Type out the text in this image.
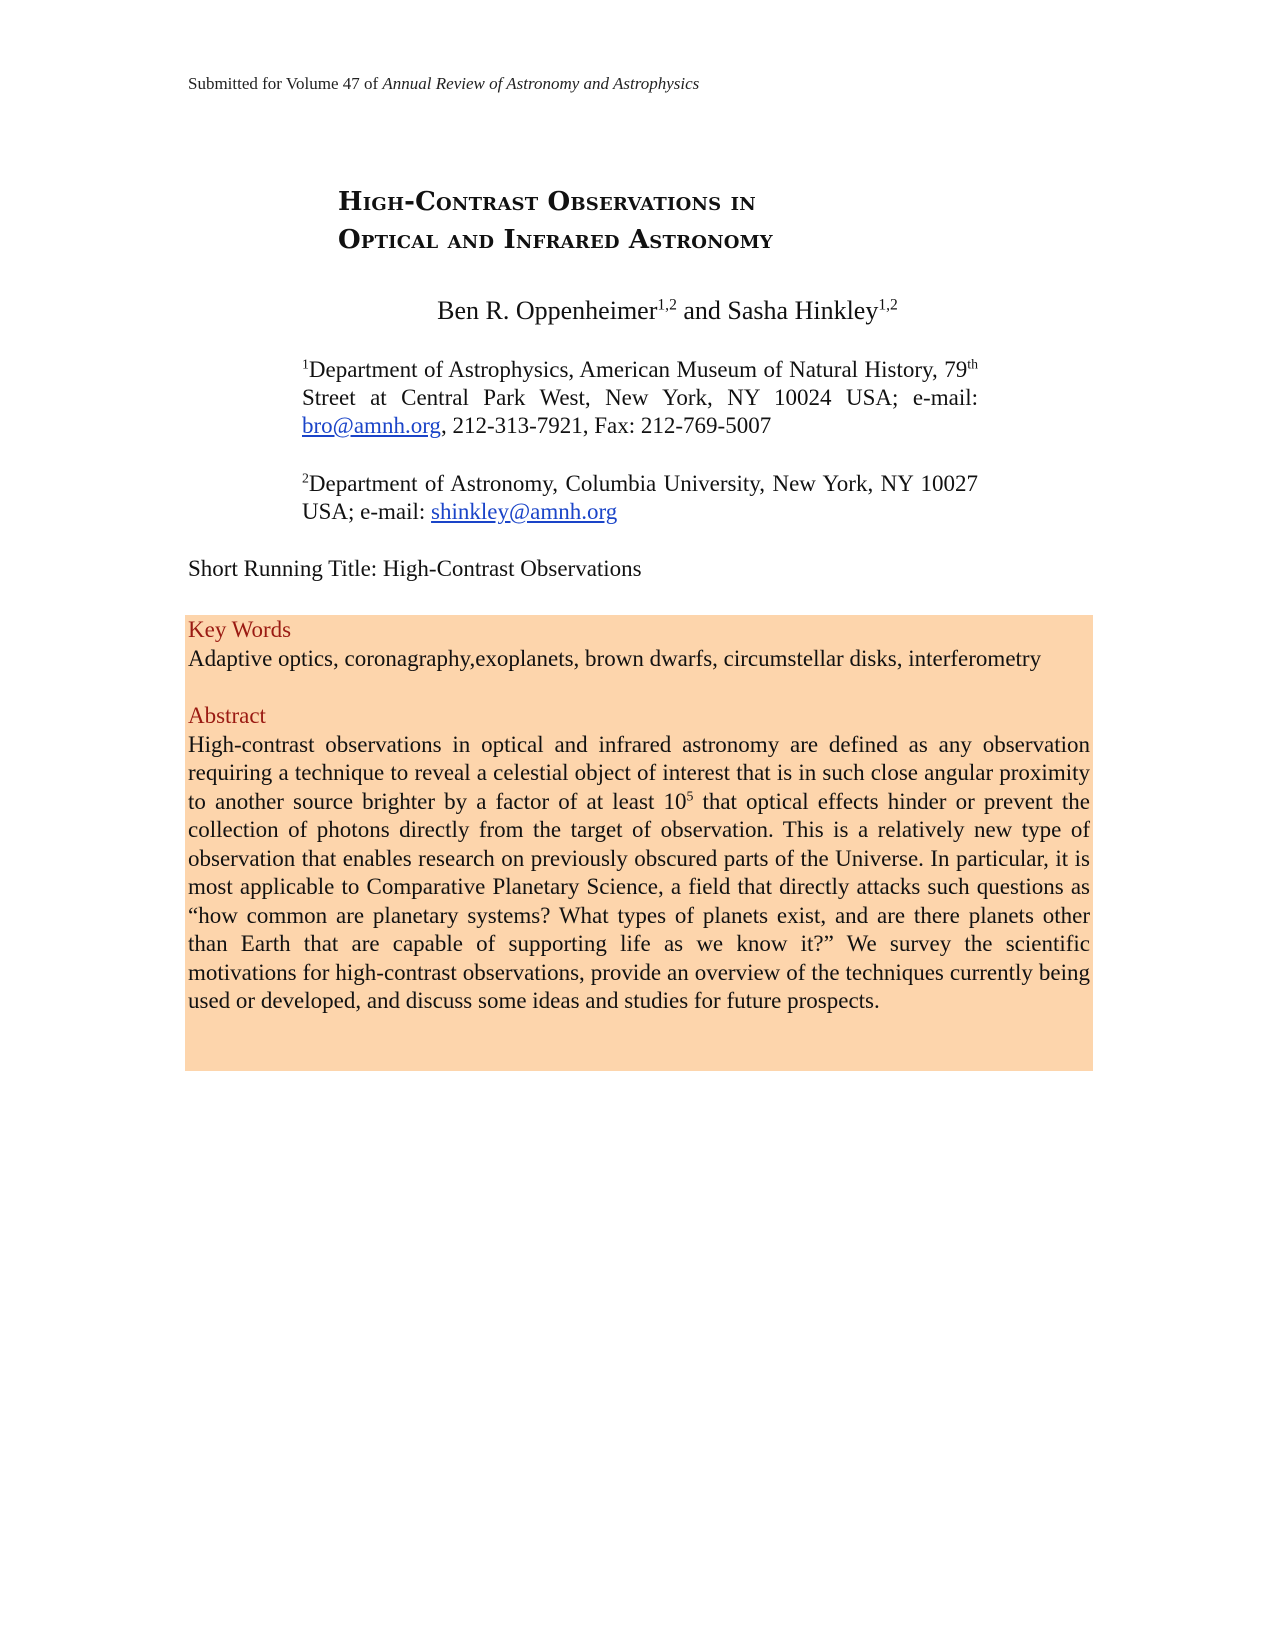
Submitted for Volume 47 of Annual Review of Astronomy and Astrophysics
High-Contrast Observations in
Optical and Infrared Astronomy
Ben R. Oppenheimer$^{1,2}$ and Sasha Hinkley$^{1,2}$
$^1$Department of Astrophysics, American Museum of Natural History, 79th Street at Central Park West, New York, NY 10024 USA; e-mail: bro@amnh.org, 212-313-7921, Fax: 212-769-5007
$^2$Department of Astronomy, Columbia University, New York, NY 10027 USA; e-mail: shinkley@amnh.org
Short Running Title: High-Contrast Observations
Key Words
Adaptive optics, coronagraphy,exoplanets, brown dwarfs, circumstellar disks, interferometry
Abstract
High-contrast observations in optical and infrared astronomy are defined as any observation requiring a technique to reveal a celestial object of interest that is in such close angular proximity to another source brighter by a factor of at least $10^5$ that optical effects hinder or prevent the collection of photons directly from the target of observation. This is a relatively new type of observation that enables research on previously obscured parts of the Universe. In particular, it is most applicable to Comparative Planetary Science, a field that directly attacks such questions as “how common are planetary systems? What types of planets exist, and are there planets other than Earth that are capable of supporting life as we know it?” We survey the scientific motivations for high-contrast observations, provide an overview of the techniques currently being used or developed, and discuss some ideas and studies for future prospects.
